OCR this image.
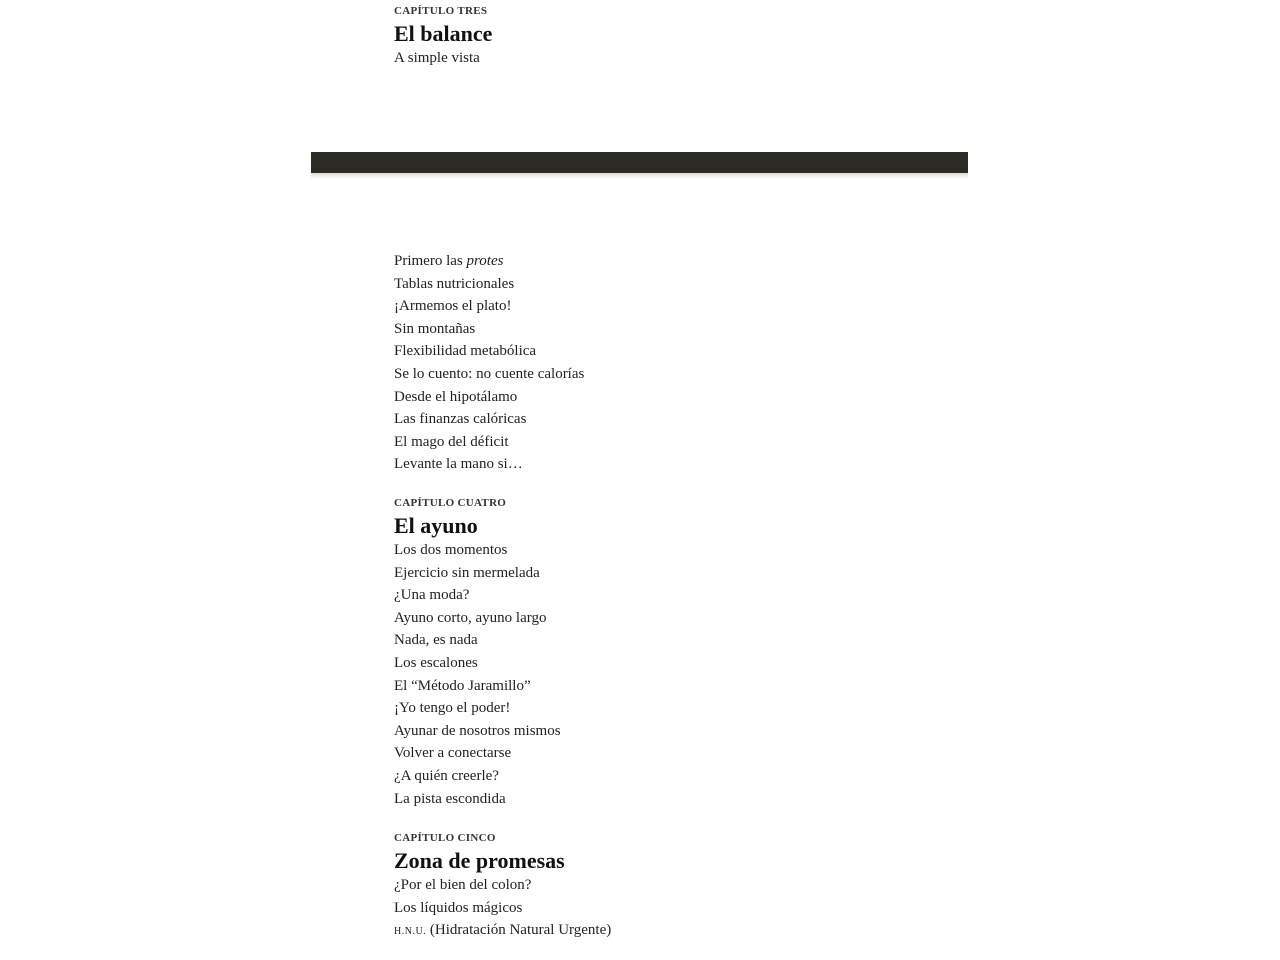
CAPÍTULO TRES
El balance
A simple vista
Primero las protes
Tablas nutricionales
¡Armemos el plato!
Sin montañas
Flexibilidad metabólica
Se lo cuento: no cuente calorías
Desde el hipotálamo
Las finanzas calóricas
El mago del déficit
Levante la mano si…
CAPÍTULO CUATRO
El ayuno
Los dos momentos
Ejercicio sin mermelada
¿Una moda?
Ayuno corto, ayuno largo
Nada, es nada
Los escalones
El “Método Jaramillo”
¡Yo tengo el poder!
Ayunar de nosotros mismos
Volver a conectarse
¿A quién creerle?
La pista escondida
CAPÍTULO CINCO
Zona de promesas
¿Por el bien del colon?
Los líquidos mágicos
H.N.U. (Hidratación Natural Urgente)
